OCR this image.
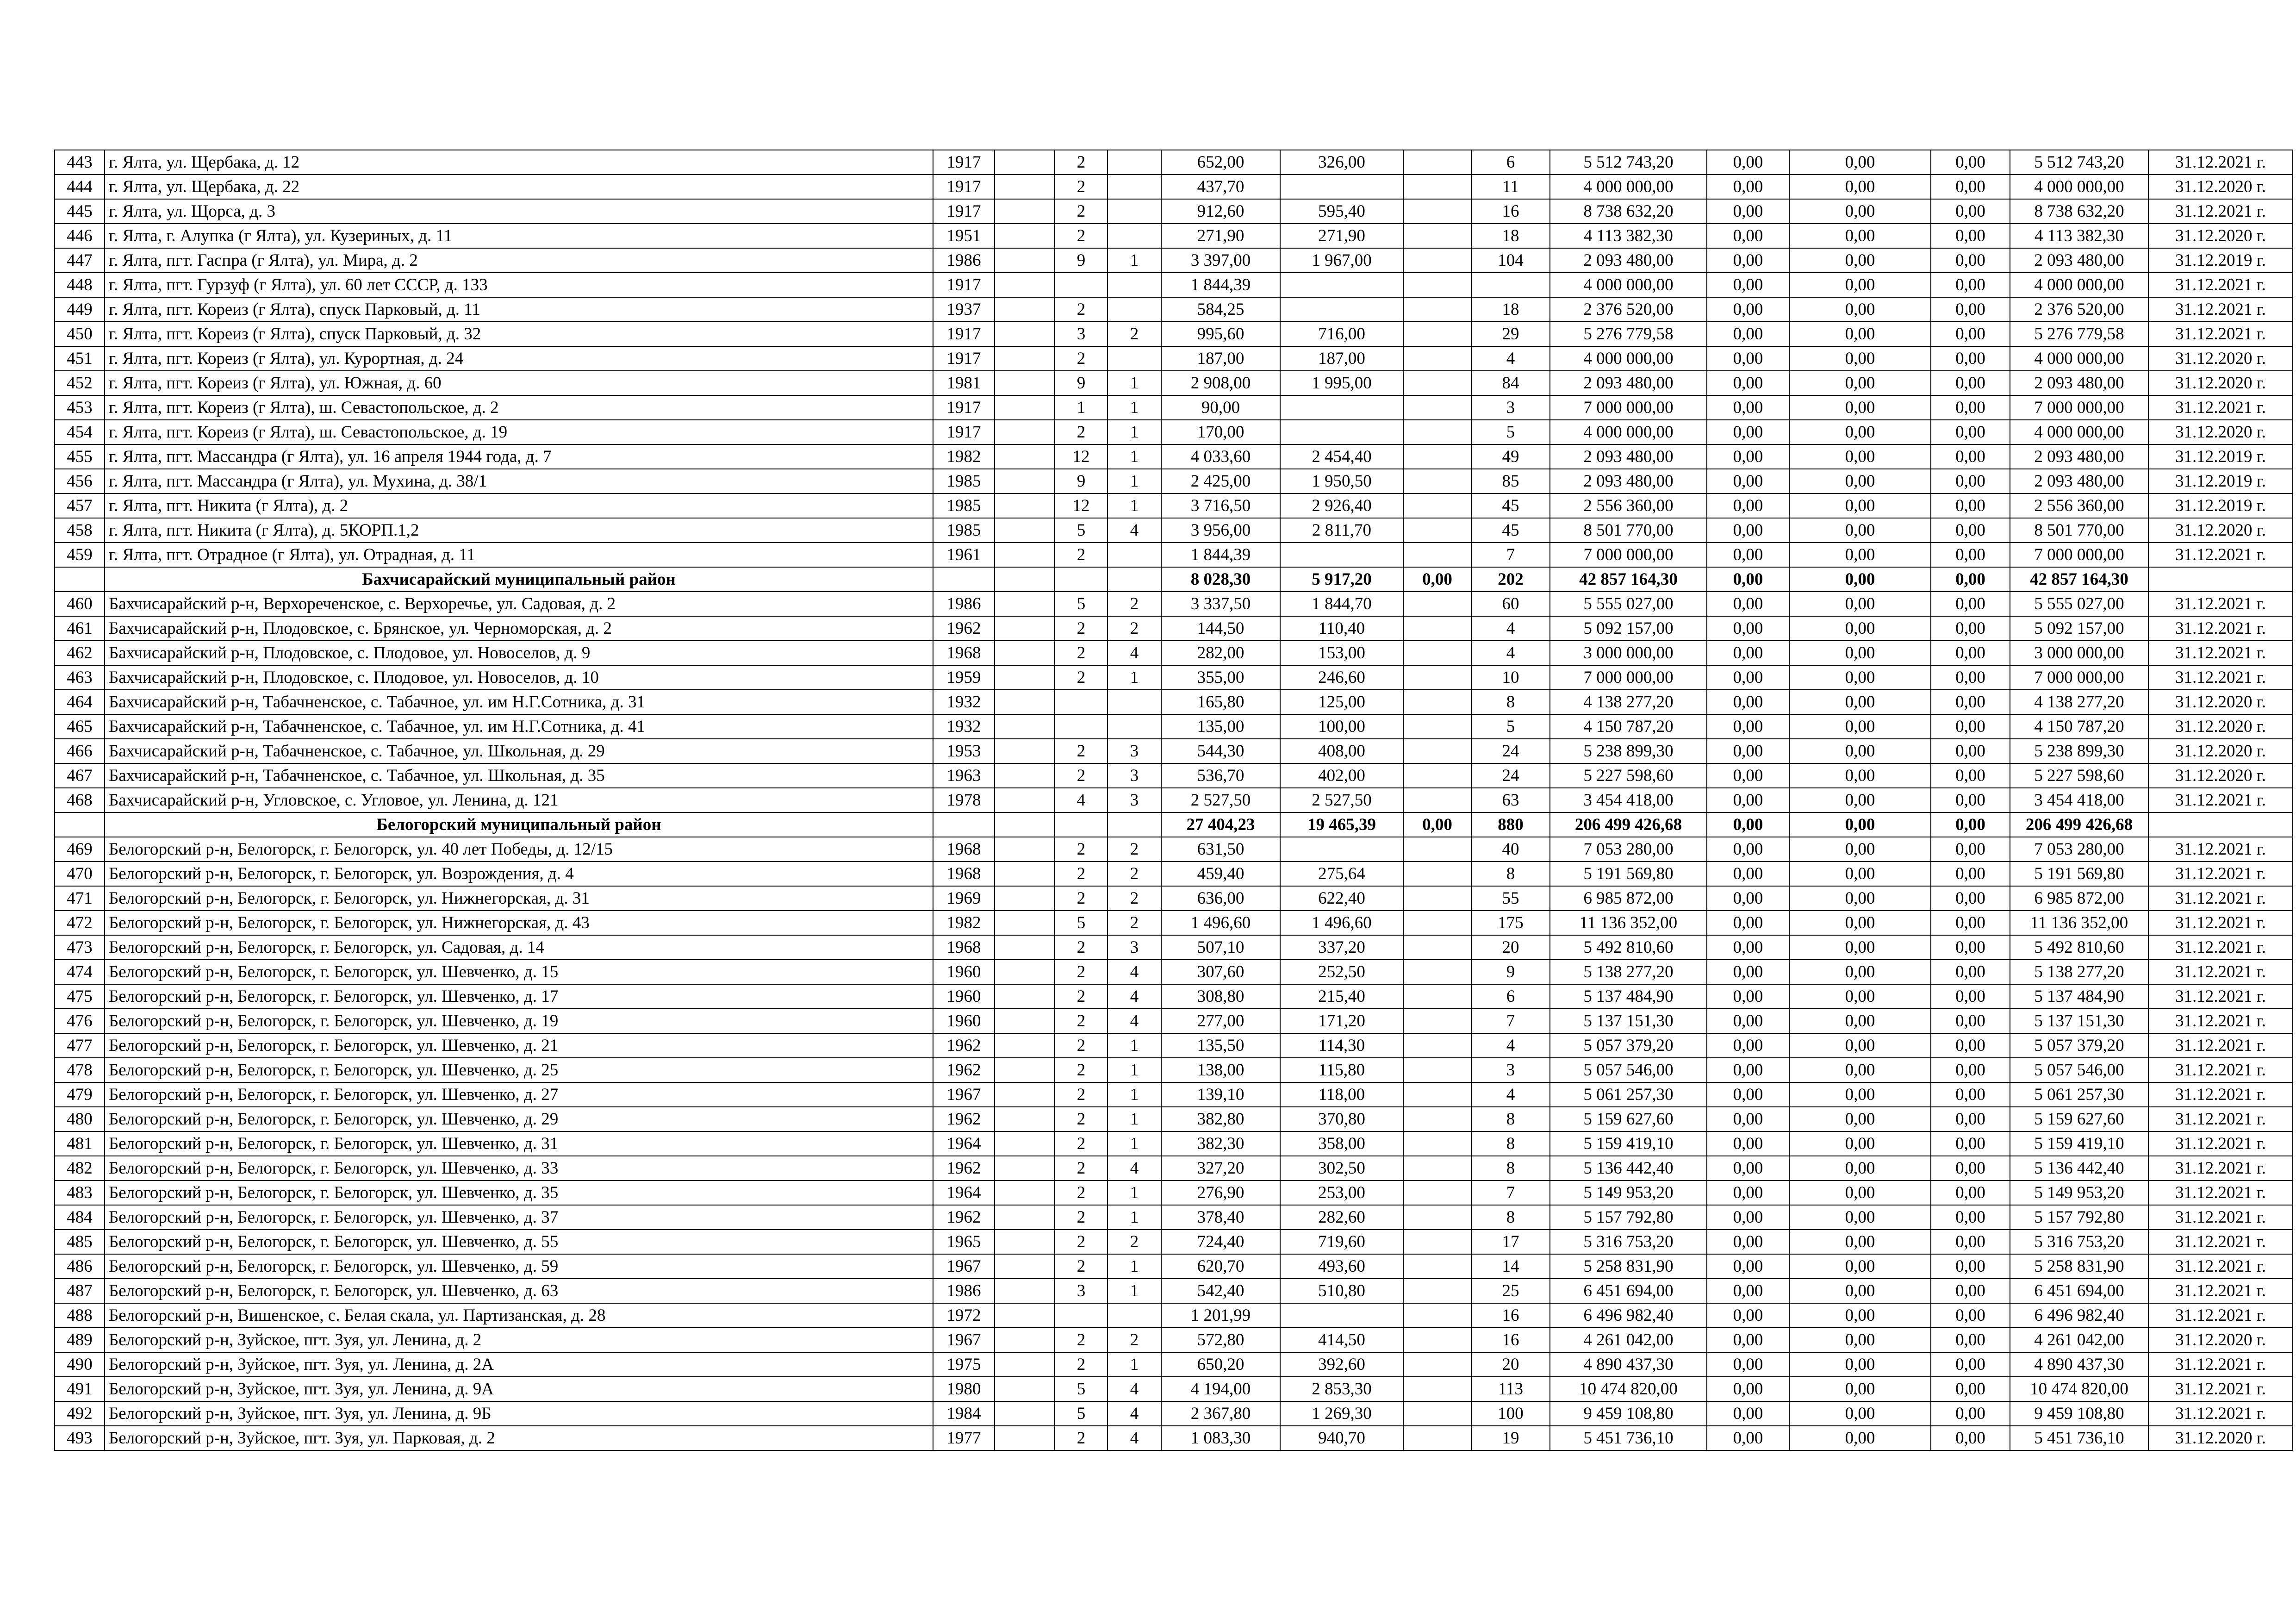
443	г. Ялта, ул. Щербака, д. 12	1917		2		652,00	326,00		6	5 512 743,20	0,00	0,00	0,00	5 512 743,20	31.12.2021 г.
444	г. Ялта, ул. Щербака, д. 22	1917		2		437,70			11	4 000 000,00	0,00	0,00	0,00	4 000 000,00	31.12.2020 г.
445	г. Ялта, ул. Щорса, д. 3	1917		2		912,60	595,40		16	8 738 632,20	0,00	0,00	0,00	8 738 632,20	31.12.2021 г.
446	г. Ялта, г. Алупка (г Ялта), ул. Кузериных, д. 11	1951		2		271,90	271,90		18	4 113 382,30	0,00	0,00	0,00	4 113 382,30	31.12.2020 г.
447	г. Ялта, пгт. Гаспра (г Ялта), ул. Мира, д. 2	1986		9	1	3 397,00	1 967,00		104	2 093 480,00	0,00	0,00	0,00	2 093 480,00	31.12.2019 г.
448	г. Ялта, пгт. Гурзуф (г Ялта), ул. 60 лет СССР, д. 133	1917				1 844,39				4 000 000,00	0,00	0,00	0,00	4 000 000,00	31.12.2021 г.
449	г. Ялта, пгт. Кореиз (г Ялта), спуск Парковый, д. 11	1937		2		584,25			18	2 376 520,00	0,00	0,00	0,00	2 376 520,00	31.12.2021 г.
450	г. Ялта, пгт. Кореиз (г Ялта), спуск Парковый, д. 32	1917		3	2	995,60	716,00		29	5 276 779,58	0,00	0,00	0,00	5 276 779,58	31.12.2021 г.
451	г. Ялта, пгт. Кореиз (г Ялта), ул. Курортная, д. 24	1917		2		187,00	187,00		4	4 000 000,00	0,00	0,00	0,00	4 000 000,00	31.12.2020 г.
452	г. Ялта, пгт. Кореиз (г Ялта), ул. Южная, д. 60	1981		9	1	2 908,00	1 995,00		84	2 093 480,00	0,00	0,00	0,00	2 093 480,00	31.12.2020 г.
453	г. Ялта, пгт. Кореиз (г Ялта), ш. Севастопольское, д. 2	1917		1	1	90,00			3	7 000 000,00	0,00	0,00	0,00	7 000 000,00	31.12.2021 г.
454	г. Ялта, пгт. Кореиз (г Ялта), ш. Севастопольское, д. 19	1917		2	1	170,00			5	4 000 000,00	0,00	0,00	0,00	4 000 000,00	31.12.2020 г.
455	г. Ялта, пгт. Массандра (г Ялта), ул. 16 апреля 1944 года, д. 7	1982		12	1	4 033,60	2 454,40		49	2 093 480,00	0,00	0,00	0,00	2 093 480,00	31.12.2019 г.
456	г. Ялта, пгт. Массандра (г Ялта), ул. Мухина, д. 38/1	1985		9	1	2 425,00	1 950,50		85	2 093 480,00	0,00	0,00	0,00	2 093 480,00	31.12.2019 г.
457	г. Ялта, пгт. Никита (г Ялта), д. 2	1985		12	1	3 716,50	2 926,40		45	2 556 360,00	0,00	0,00	0,00	2 556 360,00	31.12.2019 г.
458	г. Ялта, пгт. Никита (г Ялта), д. 5КОРП.1,2	1985		5	4	3 956,00	2 811,70		45	8 501 770,00	0,00	0,00	0,00	8 501 770,00	31.12.2020 г.
459	г. Ялта, пгт. Отрадное (г Ялта), ул. Отрадная, д. 11	1961		2		1 844,39			7	7 000 000,00	0,00	0,00	0,00	7 000 000,00	31.12.2021 г.
	Бахчисарайский муниципальный район					8 028,30	5 917,20	0,00	202	42 857 164,30	0,00	0,00	0,00	42 857 164,30	
460	Бахчисарайский р-н, Верхореченское, с. Верхоречье, ул. Садовая, д. 2	1986		5	2	3 337,50	1 844,70		60	5 555 027,00	0,00	0,00	0,00	5 555 027,00	31.12.2021 г.
461	Бахчисарайский р-н, Плодовское, с. Брянское, ул. Черноморская, д. 2	1962		2	2	144,50	110,40		4	5 092 157,00	0,00	0,00	0,00	5 092 157,00	31.12.2021 г.
462	Бахчисарайский р-н, Плодовское, с. Плодовое, ул. Новоселов, д. 9	1968		2	4	282,00	153,00		4	3 000 000,00	0,00	0,00	0,00	3 000 000,00	31.12.2021 г.
463	Бахчисарайский р-н, Плодовское, с. Плодовое, ул. Новоселов, д. 10	1959		2	1	355,00	246,60		10	7 000 000,00	0,00	0,00	0,00	7 000 000,00	31.12.2021 г.
464	Бахчисарайский р-н, Табачненское, с. Табачное, ул. им Н.Г.Сотника, д. 31	1932				165,80	125,00		8	4 138 277,20	0,00	0,00	0,00	4 138 277,20	31.12.2020 г.
465	Бахчисарайский р-н, Табачненское, с. Табачное, ул. им Н.Г.Сотника, д. 41	1932				135,00	100,00		5	4 150 787,20	0,00	0,00	0,00	4 150 787,20	31.12.2020 г.
466	Бахчисарайский р-н, Табачненское, с. Табачное, ул. Школьная, д. 29	1953		2	3	544,30	408,00		24	5 238 899,30	0,00	0,00	0,00	5 238 899,30	31.12.2020 г.
467	Бахчисарайский р-н, Табачненское, с. Табачное, ул. Школьная, д. 35	1963		2	3	536,70	402,00		24	5 227 598,60	0,00	0,00	0,00	5 227 598,60	31.12.2020 г.
468	Бахчисарайский р-н, Угловское, с. Угловое, ул. Ленина, д. 121	1978		4	3	2 527,50	2 527,50		63	3 454 418,00	0,00	0,00	0,00	3 454 418,00	31.12.2021 г.
	Белогорский муниципальный район					27 404,23	19 465,39	0,00	880	206 499 426,68	0,00	0,00	0,00	206 499 426,68	
469	Белогорский р-н, Белогорск, г. Белогорск, ул. 40 лет Победы, д. 12/15	1968		2	2	631,50			40	7 053 280,00	0,00	0,00	0,00	7 053 280,00	31.12.2021 г.
470	Белогорский р-н, Белогорск, г. Белогорск, ул. Возрождения, д. 4	1968		2	2	459,40	275,64		8	5 191 569,80	0,00	0,00	0,00	5 191 569,80	31.12.2021 г.
471	Белогорский р-н, Белогорск, г. Белогорск, ул. Нижнегорская, д. 31	1969		2	2	636,00	622,40		55	6 985 872,00	0,00	0,00	0,00	6 985 872,00	31.12.2021 г.
472	Белогорский р-н, Белогорск, г. Белогорск, ул. Нижнегорская, д. 43	1982		5	2	1 496,60	1 496,60		175	11 136 352,00	0,00	0,00	0,00	11 136 352,00	31.12.2021 г.
473	Белогорский р-н, Белогорск, г. Белогорск, ул. Садовая, д. 14	1968		2	3	507,10	337,20		20	5 492 810,60	0,00	0,00	0,00	5 492 810,60	31.12.2021 г.
474	Белогорский р-н, Белогорск, г. Белогорск, ул. Шевченко, д. 15	1960		2	4	307,60	252,50		9	5 138 277,20	0,00	0,00	0,00	5 138 277,20	31.12.2021 г.
475	Белогорский р-н, Белогорск, г. Белогорск, ул. Шевченко, д. 17	1960		2	4	308,80	215,40		6	5 137 484,90	0,00	0,00	0,00	5 137 484,90	31.12.2021 г.
476	Белогорский р-н, Белогорск, г. Белогорск, ул. Шевченко, д. 19	1960		2	4	277,00	171,20		7	5 137 151,30	0,00	0,00	0,00	5 137 151,30	31.12.2021 г.
477	Белогорский р-н, Белогорск, г. Белогорск, ул. Шевченко, д. 21	1962		2	1	135,50	114,30		4	5 057 379,20	0,00	0,00	0,00	5 057 379,20	31.12.2021 г.
478	Белогорский р-н, Белогорск, г. Белогорск, ул. Шевченко, д. 25	1962		2	1	138,00	115,80		3	5 057 546,00	0,00	0,00	0,00	5 057 546,00	31.12.2021 г.
479	Белогорский р-н, Белогорск, г. Белогорск, ул. Шевченко, д. 27	1967		2	1	139,10	118,00		4	5 061 257,30	0,00	0,00	0,00	5 061 257,30	31.12.2021 г.
480	Белогорский р-н, Белогорск, г. Белогорск, ул. Шевченко, д. 29	1962		2	1	382,80	370,80		8	5 159 627,60	0,00	0,00	0,00	5 159 627,60	31.12.2021 г.
481	Белогорский р-н, Белогорск, г. Белогорск, ул. Шевченко, д. 31	1964		2	1	382,30	358,00		8	5 159 419,10	0,00	0,00	0,00	5 159 419,10	31.12.2021 г.
482	Белогорский р-н, Белогорск, г. Белогорск, ул. Шевченко, д. 33	1962		2	4	327,20	302,50		8	5 136 442,40	0,00	0,00	0,00	5 136 442,40	31.12.2021 г.
483	Белогорский р-н, Белогорск, г. Белогорск, ул. Шевченко, д. 35	1964		2	1	276,90	253,00		7	5 149 953,20	0,00	0,00	0,00	5 149 953,20	31.12.2021 г.
484	Белогорский р-н, Белогорск, г. Белогорск, ул. Шевченко, д. 37	1962		2	1	378,40	282,60		8	5 157 792,80	0,00	0,00	0,00	5 157 792,80	31.12.2021 г.
485	Белогорский р-н, Белогорск, г. Белогорск, ул. Шевченко, д. 55	1965		2	2	724,40	719,60		17	5 316 753,20	0,00	0,00	0,00	5 316 753,20	31.12.2021 г.
486	Белогорский р-н, Белогорск, г. Белогорск, ул. Шевченко, д. 59	1967		2	1	620,70	493,60		14	5 258 831,90	0,00	0,00	0,00	5 258 831,90	31.12.2021 г.
487	Белогорский р-н, Белогорск, г. Белогорск, ул. Шевченко, д. 63	1986		3	1	542,40	510,80		25	6 451 694,00	0,00	0,00	0,00	6 451 694,00	31.12.2021 г.
488	Белогорский р-н, Вишенское, с. Белая скала, ул. Партизанская, д. 28	1972				1 201,99			16	6 496 982,40	0,00	0,00	0,00	6 496 982,40	31.12.2021 г.
489	Белогорский р-н, Зуйское, пгт. Зуя, ул. Ленина, д. 2	1967		2	2	572,80	414,50		16	4 261 042,00	0,00	0,00	0,00	4 261 042,00	31.12.2020 г.
490	Белогорский р-н, Зуйское, пгт. Зуя, ул. Ленина, д. 2А	1975		2	1	650,20	392,60		20	4 890 437,30	0,00	0,00	0,00	4 890 437,30	31.12.2021 г.
491	Белогорский р-н, Зуйское, пгт. Зуя, ул. Ленина, д. 9А	1980		5	4	4 194,00	2 853,30		113	10 474 820,00	0,00	0,00	0,00	10 474 820,00	31.12.2021 г.
492	Белогорский р-н, Зуйское, пгт. Зуя, ул. Ленина, д. 9Б	1984		5	4	2 367,80	1 269,30		100	9 459 108,80	0,00	0,00	0,00	9 459 108,80	31.12.2021 г.
493	Белогорский р-н, Зуйское, пгт. Зуя, ул. Парковая, д. 2	1977		2	4	1 083,30	940,70		19	5 451 736,10	0,00	0,00	0,00	5 451 736,10	31.12.2020 г.
